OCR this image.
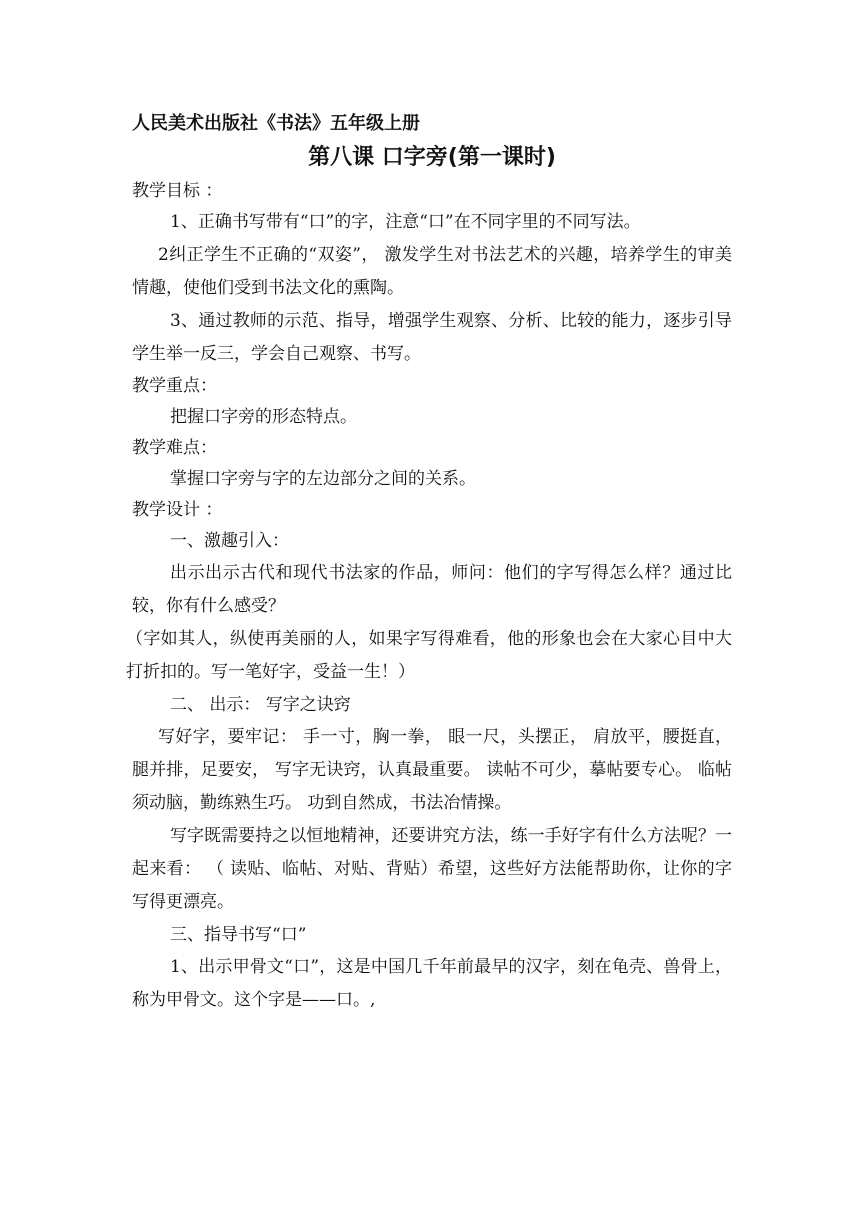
人民美术出版社《书法》五年级上册
第八课 口字旁(第一课时)
教学目标 ：
1、正确书写带有“口”的字，注意“口”在不同字里的不同写法。
2纠正学生不正确的“双姿”， 激发学生对书法艺术的兴趣，培养学生的审美情趣，使他们受到书法文化的熏陶。
3、通过教师的示范、指导，增强学生观察、分析、比较的能力，逐步引导学生举一反三，学会自己观察、书写。
教学重点：
把握口字旁的形态特点。
教学难点：
掌握口字旁与字的左边部分之间的关系。
教学设计 ：
一、激趣引入：
出示出示古代和现代书法家的作品，师问：他们的字写得怎么样？通过比较，你有什么感受？
（字如其人，纵使再美丽的人，如果字写得难看，他的形象也会在大家心目中大打折扣的。写一笔好字，受益一生！）
二、 出示： 写字之诀窍
写好字，要牢记： 手一寸，胸一拳， 眼一尺，头摆正， 肩放平，腰挺直， 腿并排，足要安， 写字无诀窍，认真最重要。 读帖不可少，摹帖要专心。 临帖须动脑，勤练熟生巧。 功到自然成，书法冶情操。
写字既需要持之以恒地精神，还要讲究方法，练一手好字有什么方法呢？一起来看： （ 读贴、临帖、对贴、背贴）希望，这些好方法能帮助你，让你的字写得更漂亮。
三、指导书写“口”
1、出示甲骨文“口”，这是中国几千年前最早的汉字，刻在龟壳、兽骨上，称为甲骨文。这个字是——口。,
